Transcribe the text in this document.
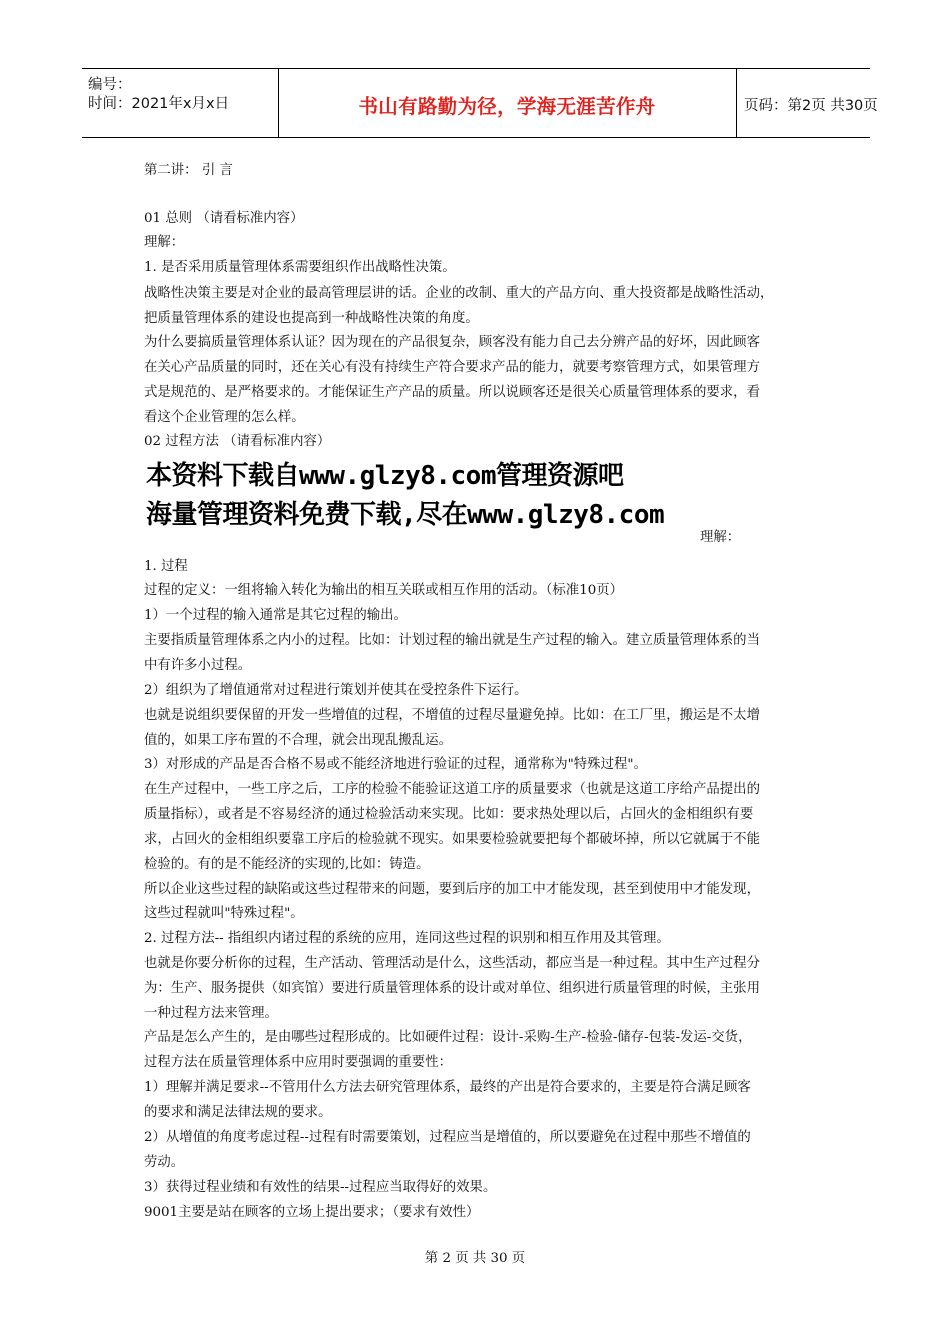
编号：
时间：2021年x月x日	书山有路勤为径，学海无涯苦作舟	页码：第2页 共30页
第二讲： 引 言
01 总则 （请看标准内容）
理解：
1. 是否采用质量管理体系需要组织作出战略性决策。
战略性决策主要是对企业的最高管理层讲的话。企业的改制、重大的产品方向、重大投资都是战略性活动，
把质量管理体系的建设也提高到一种战略性决策的角度。
为什么要搞质量管理体系认证？因为现在的产品很复杂，顾客没有能力自己去分辨产品的好坏，因此顾客
在关心产品质量的同时，还在关心有没有持续生产符合要求产品的能力，就要考察管理方式，如果管理方
式是规范的、是严格要求的。才能保证生产产品的质量。所以说顾客还是很关心质量管理体系的要求，看
看这个企业管理的怎么样。
02 过程方法 （请看标准内容）
本资料下载自www.glzy8.com管理资源吧
海量管理资料免费下载,尽在www.glzy8.com
理解：
1. 过程
过程的定义：一组将输入转化为输出的相互关联或相互作用的活动。（标准10页）
1）一个过程的输入通常是其它过程的输出。
主要指质量管理体系之内小的过程。比如：计划过程的输出就是生产过程的输入。建立质量管理体系的当
中有许多小过程。
2）组织为了增值通常对过程进行策划并使其在受控条件下运行。
也就是说组织要保留的开发一些增值的过程，不增值的过程尽量避免掉。比如：在工厂里，搬运是不太增
值的，如果工序布置的不合理，就会出现乱搬乱运。
3）对形成的产品是否合格不易或不能经济地进行验证的过程，通常称为"特殊过程"。
在生产过程中，一些工序之后，工序的检验不能验证这道工序的质量要求（也就是这道工序给产品提出的
质量指标），或者是不容易经济的通过检验活动来实现。比如：要求热处理以后，占回火的金相组织有要
求，占回火的金相组织要靠工序后的检验就不现实。如果要检验就要把每个都破坏掉，所以它就属于不能
检验的。有的是不能经济的实现的,比如：铸造。
所以企业这些过程的缺陷或这些过程带来的问题，要到后序的加工中才能发现，甚至到使用中才能发现，
这些过程就叫"特殊过程"。
2. 过程方法-- 指组织内诸过程的系统的应用，连同这些过程的识别和相互作用及其管理。
也就是你要分析你的过程，生产活动、管理活动是什么，这些活动，都应当是一种过程。其中生产过程分
为：生产、服务提供（如宾馆）要进行质量管理体系的设计或对单位、组织进行质量管理的时候，主张用
一种过程方法来管理。
产品是怎么产生的，是由哪些过程形成的。比如硬件过程：设计-采购-生产-检验-储存-包装-发运-交货，
过程方法在质量管理体系中应用时要强调的重要性：
1）理解并满足要求--不管用什么方法去研究管理体系，最终的产出是符合要求的，主要是符合满足顾客
的要求和满足法律法规的要求。
2）从增值的角度考虑过程--过程有时需要策划，过程应当是增值的，所以要避免在过程中那些不增值的
劳动。
3）获得过程业绩和有效性的结果--过程应当取得好的效果。
9001主要是站在顾客的立场上提出要求；（要求有效性）
第 2 页 共 30 页
